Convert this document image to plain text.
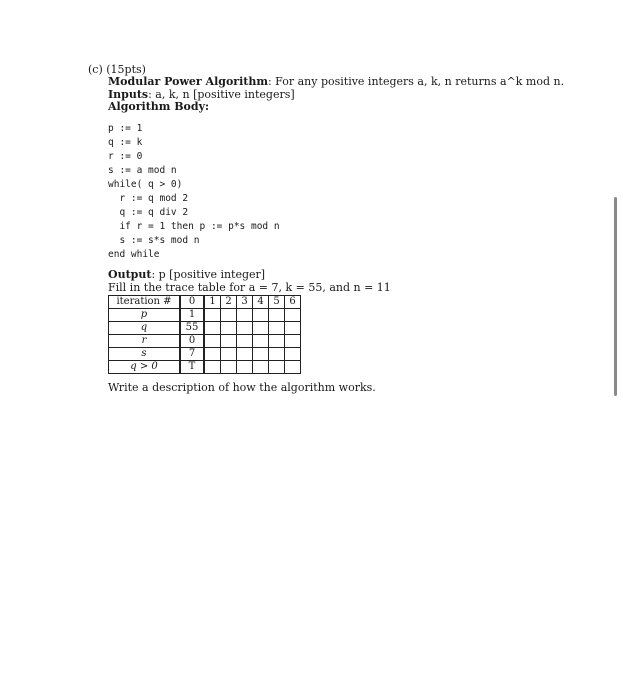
(c) (15pts)
Modular Power Algorithm: For any positive integers a, k, n returns a^k mod n.
Inputs: a, k, n [positive integers]
Algorithm Body:
p := 1
q := k
r := 0
s := a mod n
while( q > 0)
r := q mod 2
q := q div 2
if r = 1 then p := p*s mod n
s := s*s mod n
end while
Output: p [positive integer]
Fill in the trace table for a = 7, k = 55, and n = 11
iteration #	0	1	2	3	4	5	6
p	1						
q	55						
r	0						
s	7						
q > 0	T						
Write a description of how the algorithm works.
